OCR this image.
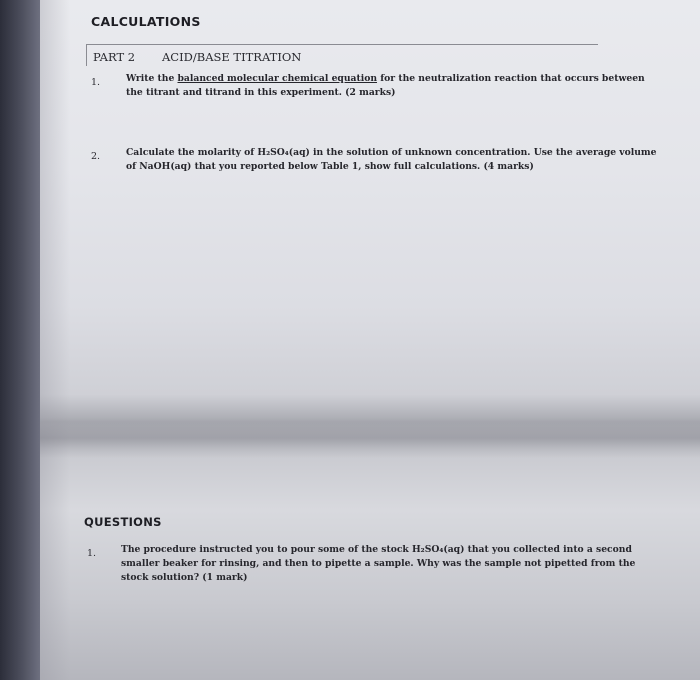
CALCULATIONS
PART 2 ACID/BASE TITRATION
1.	Write the balanced molecular chemical equation for the neutralization reaction that occurs between
the titrant and titrand in this experiment. (2 marks)
2.	Calculate the molarity of H₂SO₄(aq) in the solution of unknown concentration. Use the average volume
of NaOH(aq) that you reported below Table 1, show full calculations. (4 marks)
QUESTIONS
1.	The procedure instructed you to pour some of the stock H₂SO₄(aq) that you collected into a second
smaller beaker for rinsing, and then to pipette a sample. Why was the sample not pipetted from the
stock solution? (1 mark)
